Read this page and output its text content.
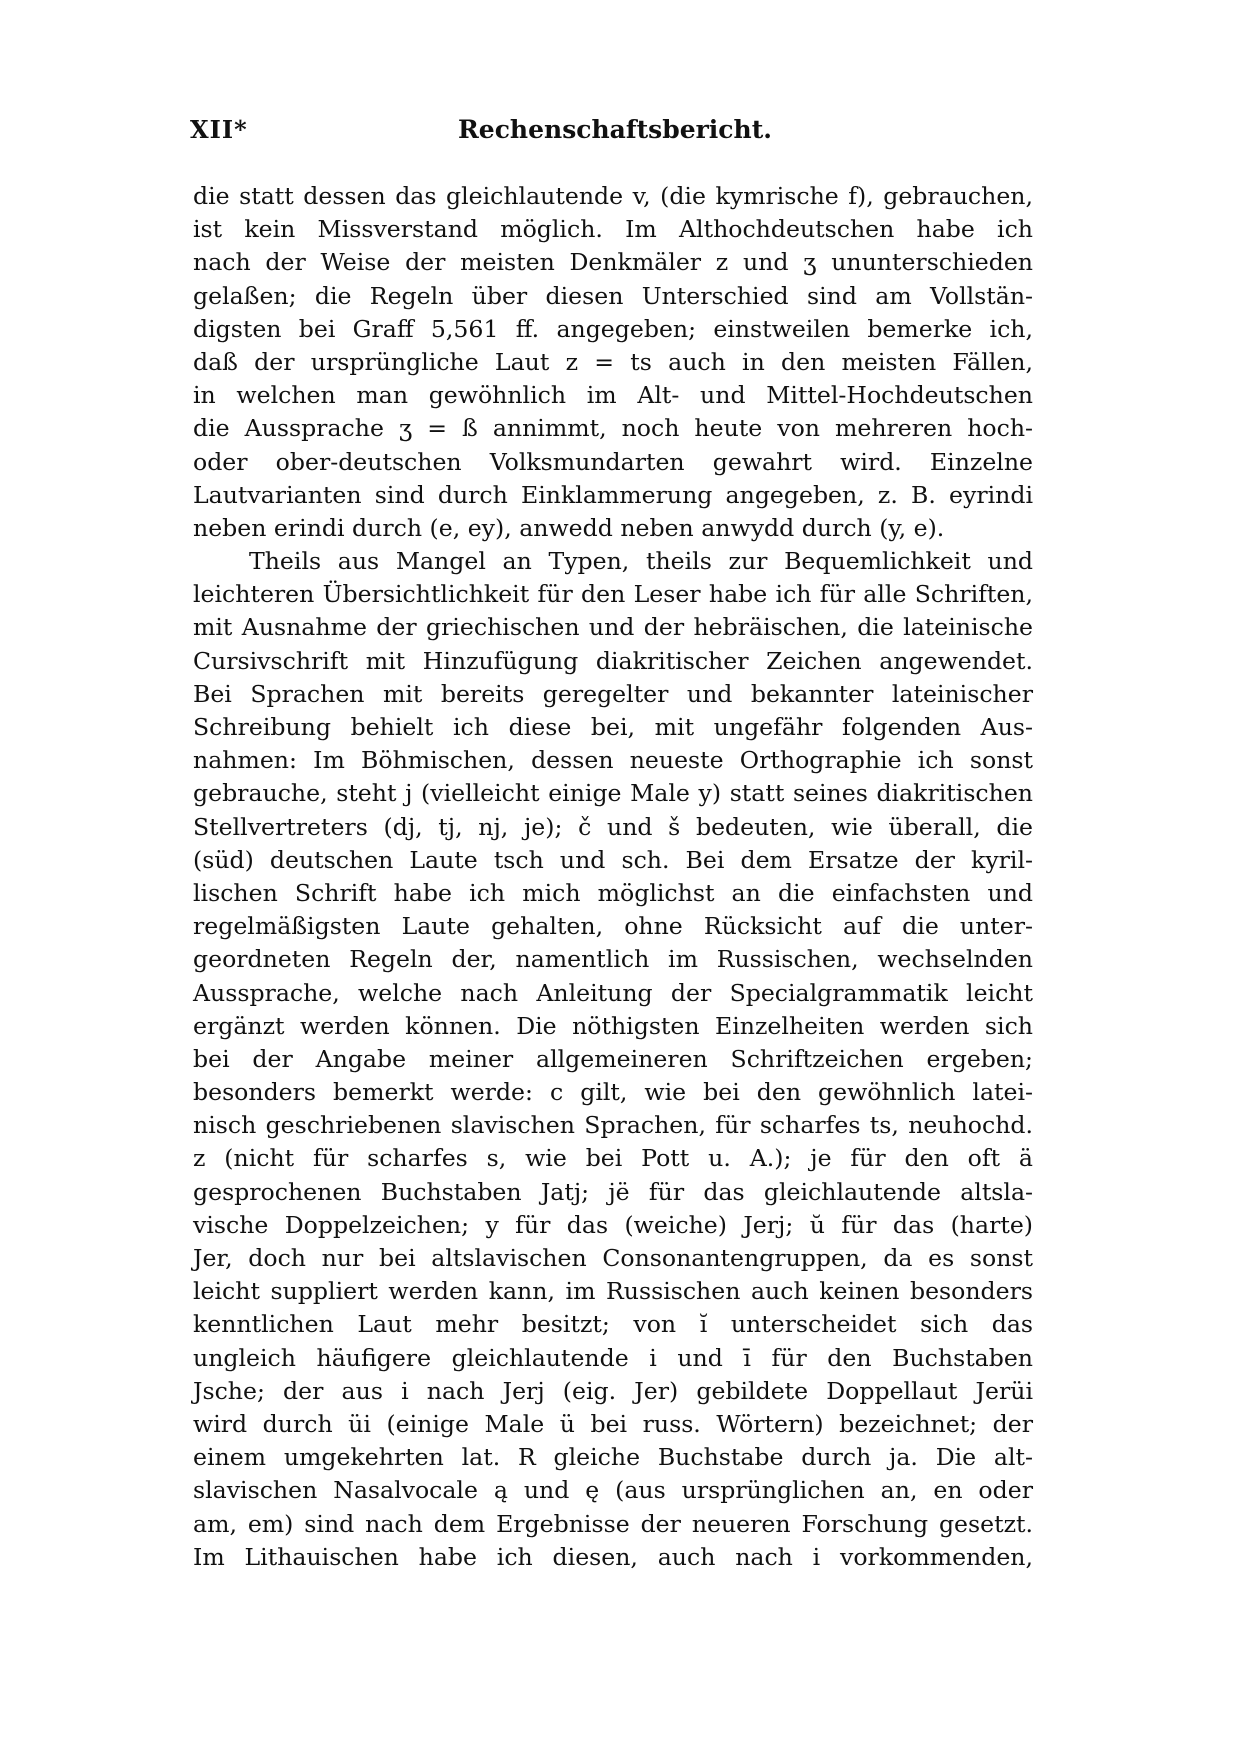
XII*	Rechenschaftsbericht.
die statt dessen das gleichlautende v, (die kymrische f), gebrauchen,
ist kein Missverstand möglich. Im Althochdeutschen habe ich
nach der Weise der meisten Denkmäler z und ʒ ununterschieden
gelaßen; die Regeln über diesen Unterschied sind am Vollstän-
digsten bei Graff 5,561 ff. angegeben; einstweilen bemerke ich,
daß der ursprüngliche Laut z = ts auch in den meisten Fällen,
in welchen man gewöhnlich im Alt- und Mittel-Hochdeutschen
die Aussprache ʒ = ß annimmt, noch heute von mehreren hoch-
oder ober-deutschen Volksmundarten gewahrt wird. Einzelne
Lautvarianten sind durch Einklammerung angegeben, z. B. eyrindi
neben erindi durch (e, ey), anwedd neben anwydd durch (y, e).
Theils aus Mangel an Typen, theils zur Bequemlichkeit und
leichteren Übersichtlichkeit für den Leser habe ich für alle Schriften,
mit Ausnahme der griechischen und der hebräischen, die lateinische
Cursivschrift mit Hinzufügung diakritischer Zeichen angewendet.
Bei Sprachen mit bereits geregelter und bekannter lateinischer
Schreibung behielt ich diese bei, mit ungefähr folgenden Aus-
nahmen: Im Böhmischen, dessen neueste Orthographie ich sonst
gebrauche, steht j (vielleicht einige Male y) statt seines diakritischen
Stellvertreters (dj, tj, nj, je); č und š bedeuten, wie überall, die
(süd) deutschen Laute tsch und sch. Bei dem Ersatze der kyril-
lischen Schrift habe ich mich möglichst an die einfachsten und
regelmäßigsten Laute gehalten, ohne Rücksicht auf die unter-
geordneten Regeln der, namentlich im Russischen, wechselnden
Aussprache, welche nach Anleitung der Specialgrammatik leicht
ergänzt werden können. Die nöthigsten Einzelheiten werden sich
bei der Angabe meiner allgemeineren Schriftzeichen ergeben;
besonders bemerkt werde: c gilt, wie bei den gewöhnlich latei-
nisch geschriebenen slavischen Sprachen, für scharfes ts, neuhochd.
z (nicht für scharfes s, wie bei Pott u. A.); je für den oft ä
gesprochenen Buchstaben Jatj; jë für das gleichlautende altsla-
vische Doppelzeichen; y für das (weiche) Jerj; ŭ für das (harte)
Jer, doch nur bei altslavischen Consonantengruppen, da es sonst
leicht suppliert werden kann, im Russischen auch keinen besonders
kenntlichen Laut mehr besitzt; von ĭ unterscheidet sich das
ungleich häufigere gleichlautende i und ī für den Buchstaben
Jsche; der aus i nach Jerj (eig. Jer) gebildete Doppellaut Jerüi
wird durch üi (einige Male ü bei russ. Wörtern) bezeichnet; der
einem umgekehrten lat. R gleiche Buchstabe durch ja. Die alt-
slavischen Nasalvocale ą und ę (aus ursprünglichen an, en oder
am, em) sind nach dem Ergebnisse der neueren Forschung gesetzt.
Im Lithauischen habe ich diesen, auch nach i vorkommenden,
